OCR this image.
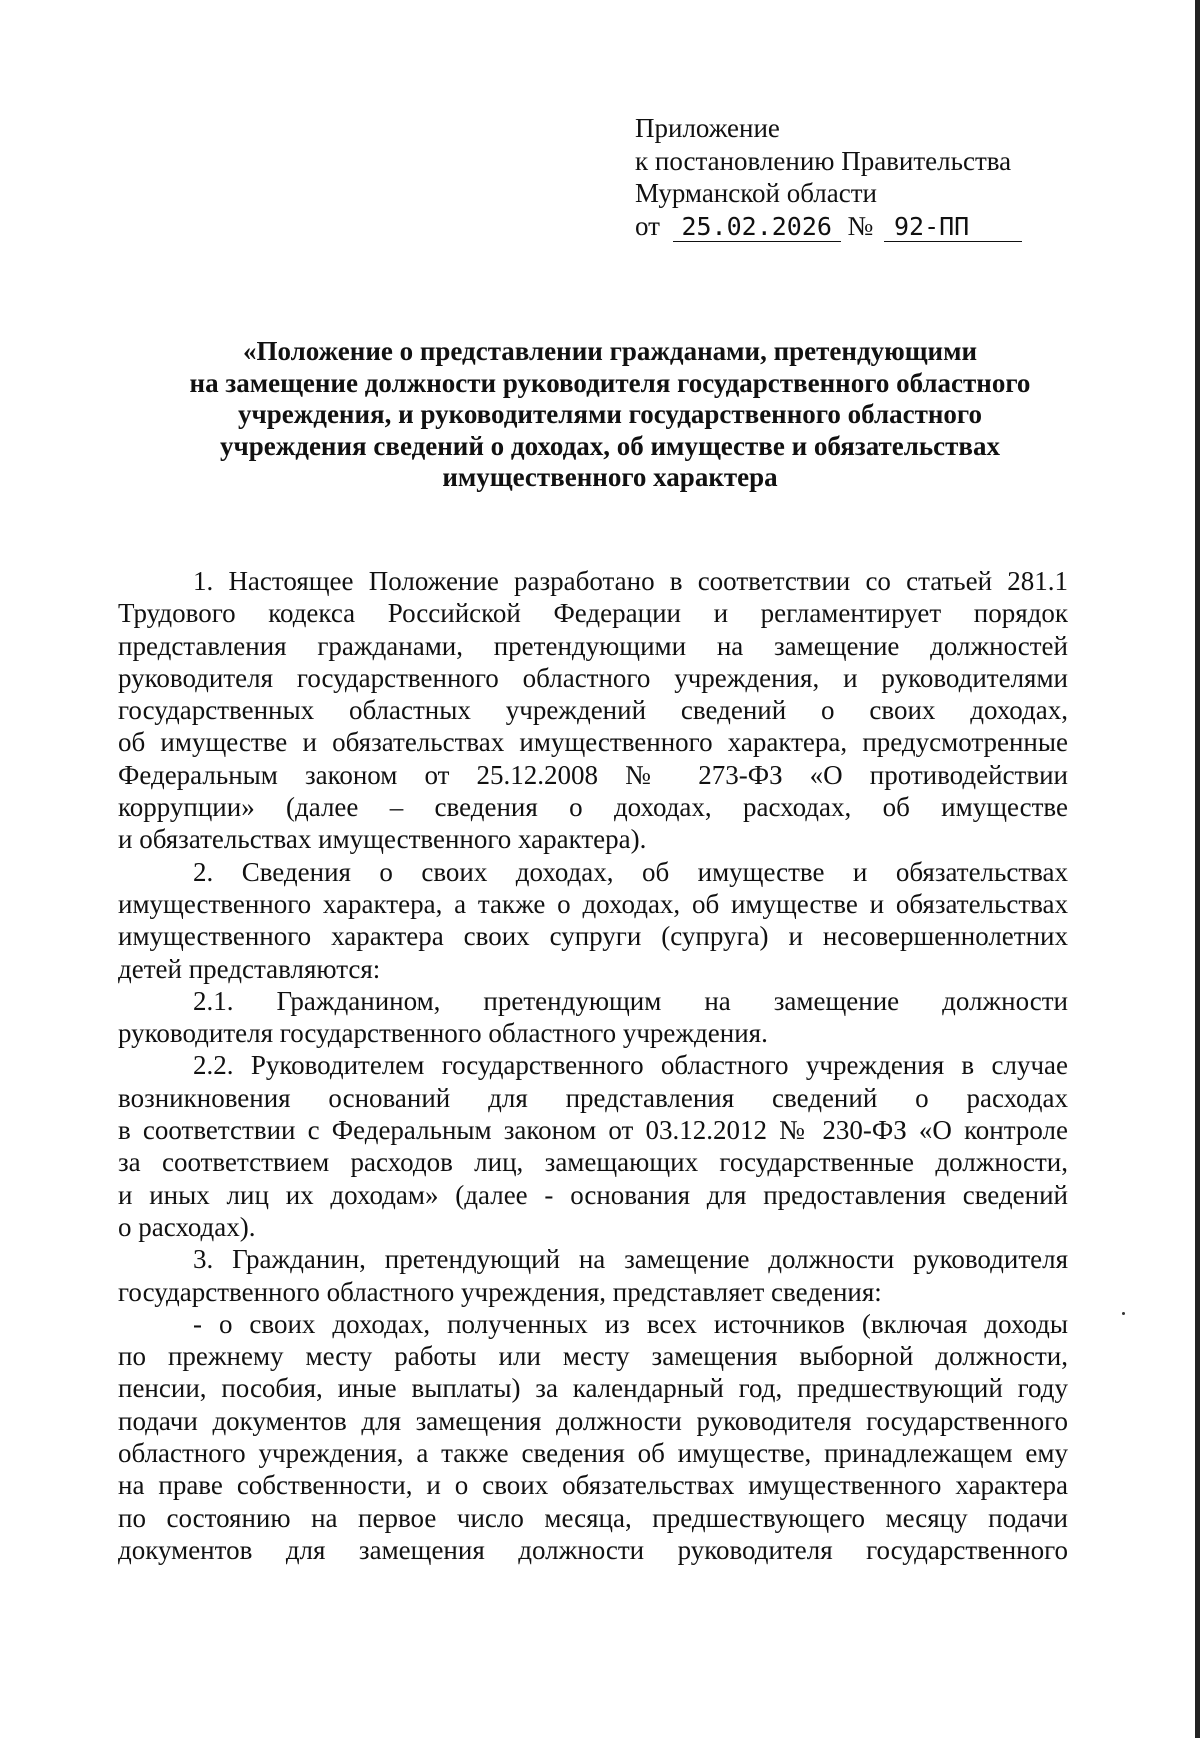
Приложение
к постановлению Правительства
Мурманской области
от 25.02.2026 № 92-ПП
«Положение о представлении гражданами, претендующими
на замещение должности руководителя государственного областного
учреждения, и руководителями государственного областного
учреждения сведений о доходах, об имуществе и обязательствах
имущественного характера
1. Настоящее Положение разработано в соответствии со статьей 281.1
Трудового кодекса Российской Федерации и регламентирует порядок
представления гражданами, претендующими на замещение должностей
руководителя государственного областного учреждения, и руководителями
государственных областных учреждений сведений о своих доходах,
об имуществе и обязательствах имущественного характера, предусмотренные
Федеральным законом от 25.12.2008 № 273-ФЗ «О противодействии
коррупции» (далее – сведения о доходах, расходах, об имуществе
и обязательствах имущественного характера).
2. Сведения о своих доходах, об имуществе и обязательствах
имущественного характера, а также о доходах, об имуществе и обязательствах
имущественного характера своих супруги (супруга) и несовершеннолетних
детей представляются:
2.1. Гражданином, претендующим на замещение должности
руководителя государственного областного учреждения.
2.2. Руководителем государственного областного учреждения в случае
возникновения оснований для представления сведений о расходах
в соответствии с Федеральным законом от 03.12.2012 № 230-ФЗ «О контроле
за соответствием расходов лиц, замещающих государственные должности,
и иных лиц их доходам» (далее - основания для предоставления сведений
о расходах).
3. Гражданин, претендующий на замещение должности руководителя
государственного областного учреждения, представляет сведения:
- о своих доходах, полученных из всех источников (включая доходы
по прежнему месту работы или месту замещения выборной должности,
пенсии, пособия, иные выплаты) за календарный год, предшествующий году
подачи документов для замещения должности руководителя государственного
областного учреждения, а также сведения об имуществе, принадлежащем ему
на праве собственности, и о своих обязательствах имущественного характера
по состоянию на первое число месяца, предшествующего месяцу подачи
документов для замещения должности руководителя государственного
